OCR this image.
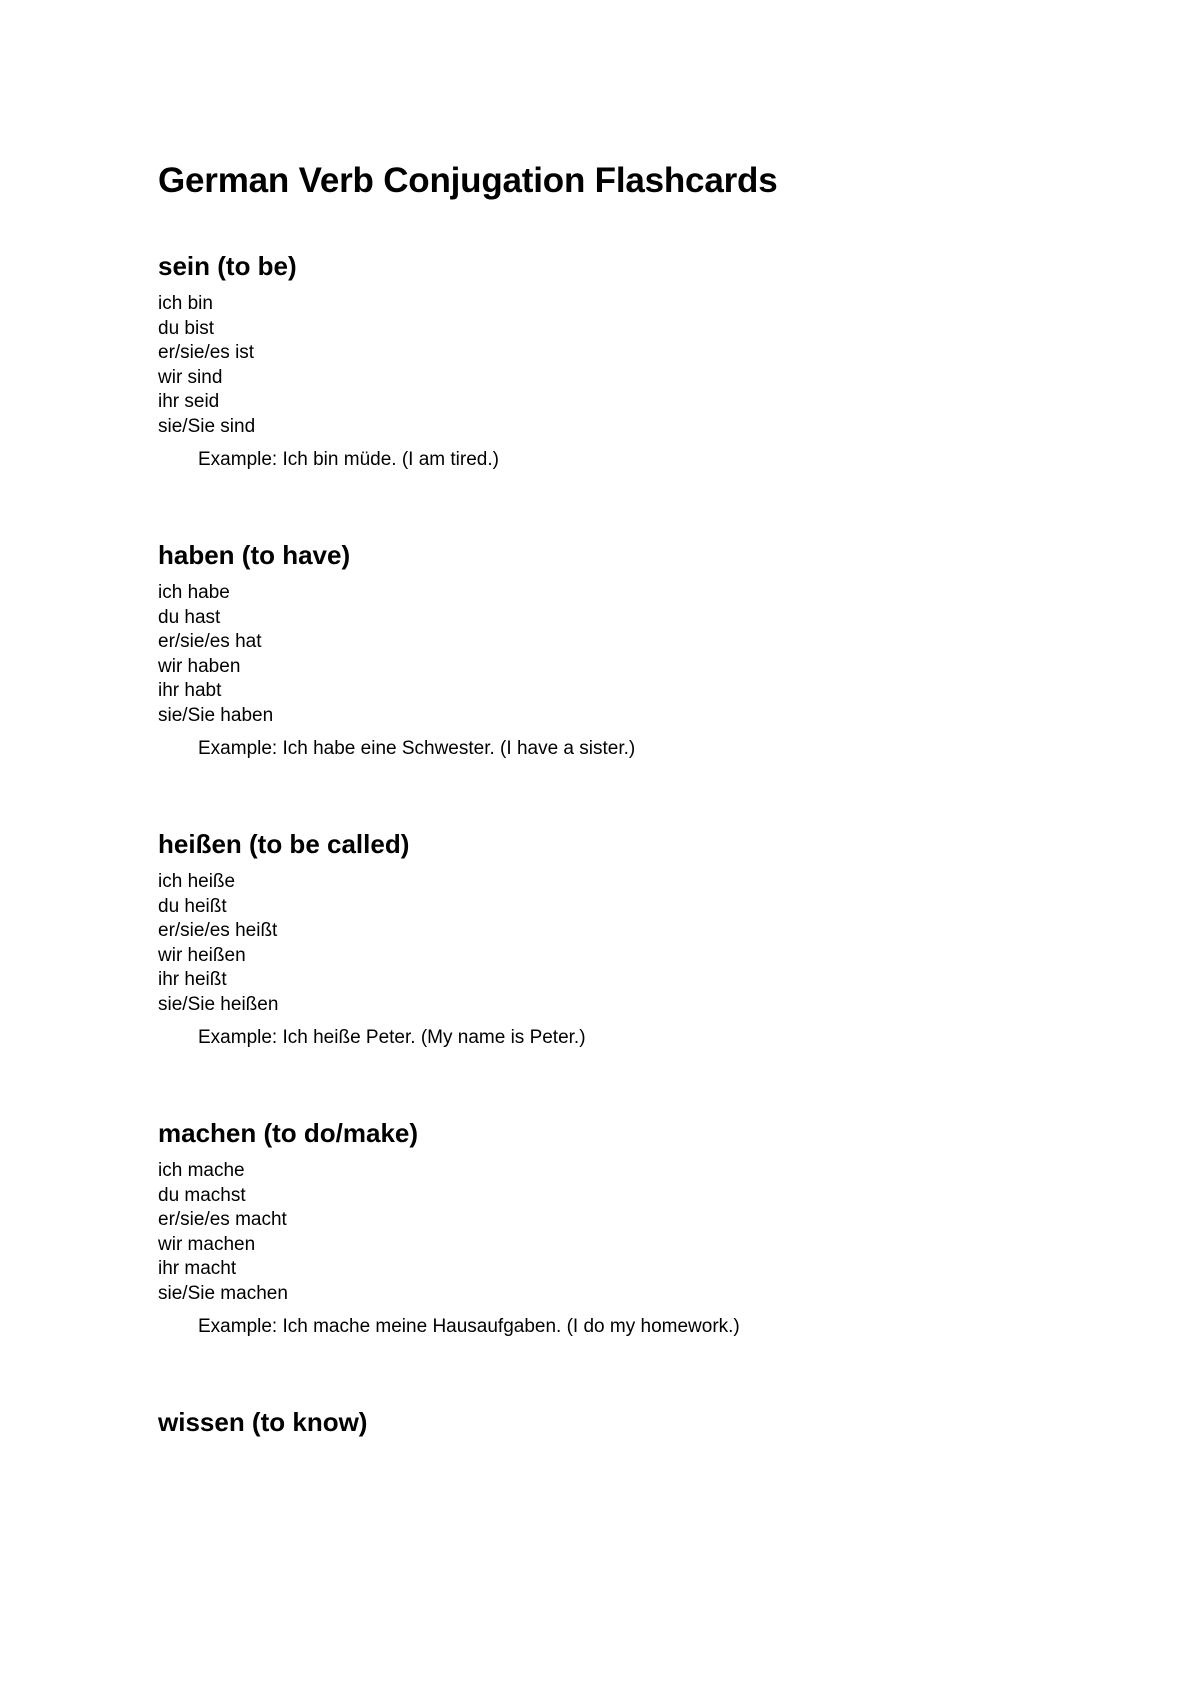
German Verb Conjugation Flashcards
sein (to be)
ich bin
du bist
er/sie/es ist
wir sind
ihr seid
sie/Sie sind

Example: Ich bin müde. (I am tired.)

haben (to have)
ich habe
du hast
er/sie/es hat
wir haben
ihr habt
sie/Sie haben

Example: Ich habe eine Schwester. (I have a sister.)

heißen (to be called)
ich heiße
du heißt
er/sie/es heißt
wir heißen
ihr heißt
sie/Sie heißen

Example: Ich heiße Peter. (My name is Peter.)

machen (to do/make)
ich mache
du machst
er/sie/es macht
wir machen
ihr macht
sie/Sie machen

Example: Ich mache meine Hausaufgaben. (I do my homework.)

wissen (to know)
